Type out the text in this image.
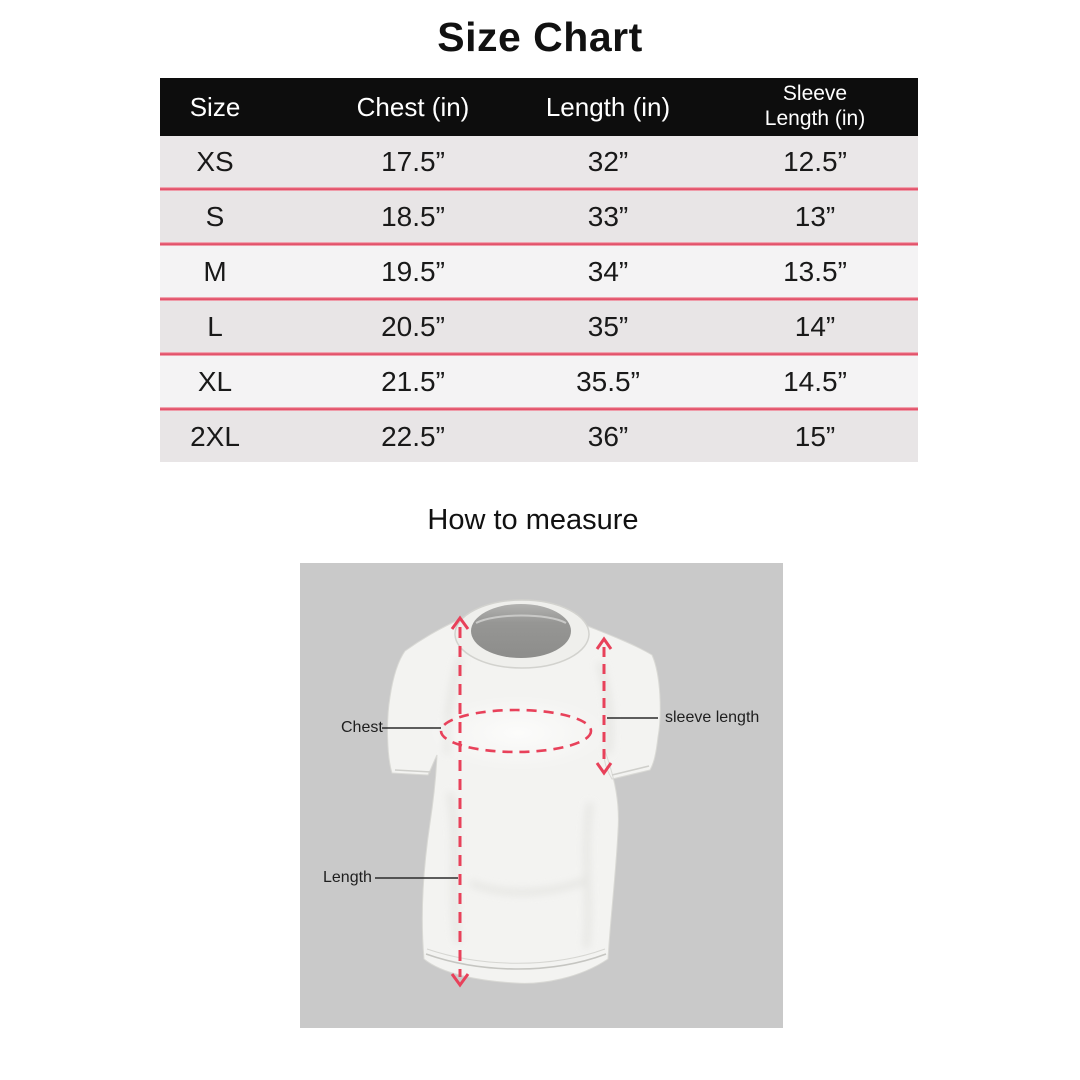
Size Chart
Size	Chest (in)	Length (in)	Sleeve Length (in)
XS	17.5”	32”	12.5”
S	18.5”	33”	13”
M	19.5”	34”	13.5”
L	20.5”	35”	14”
XL	21.5”	35.5”	14.5”
2XL	22.5”	36”	15”
How to measure
Chest
sleeve length
Length
